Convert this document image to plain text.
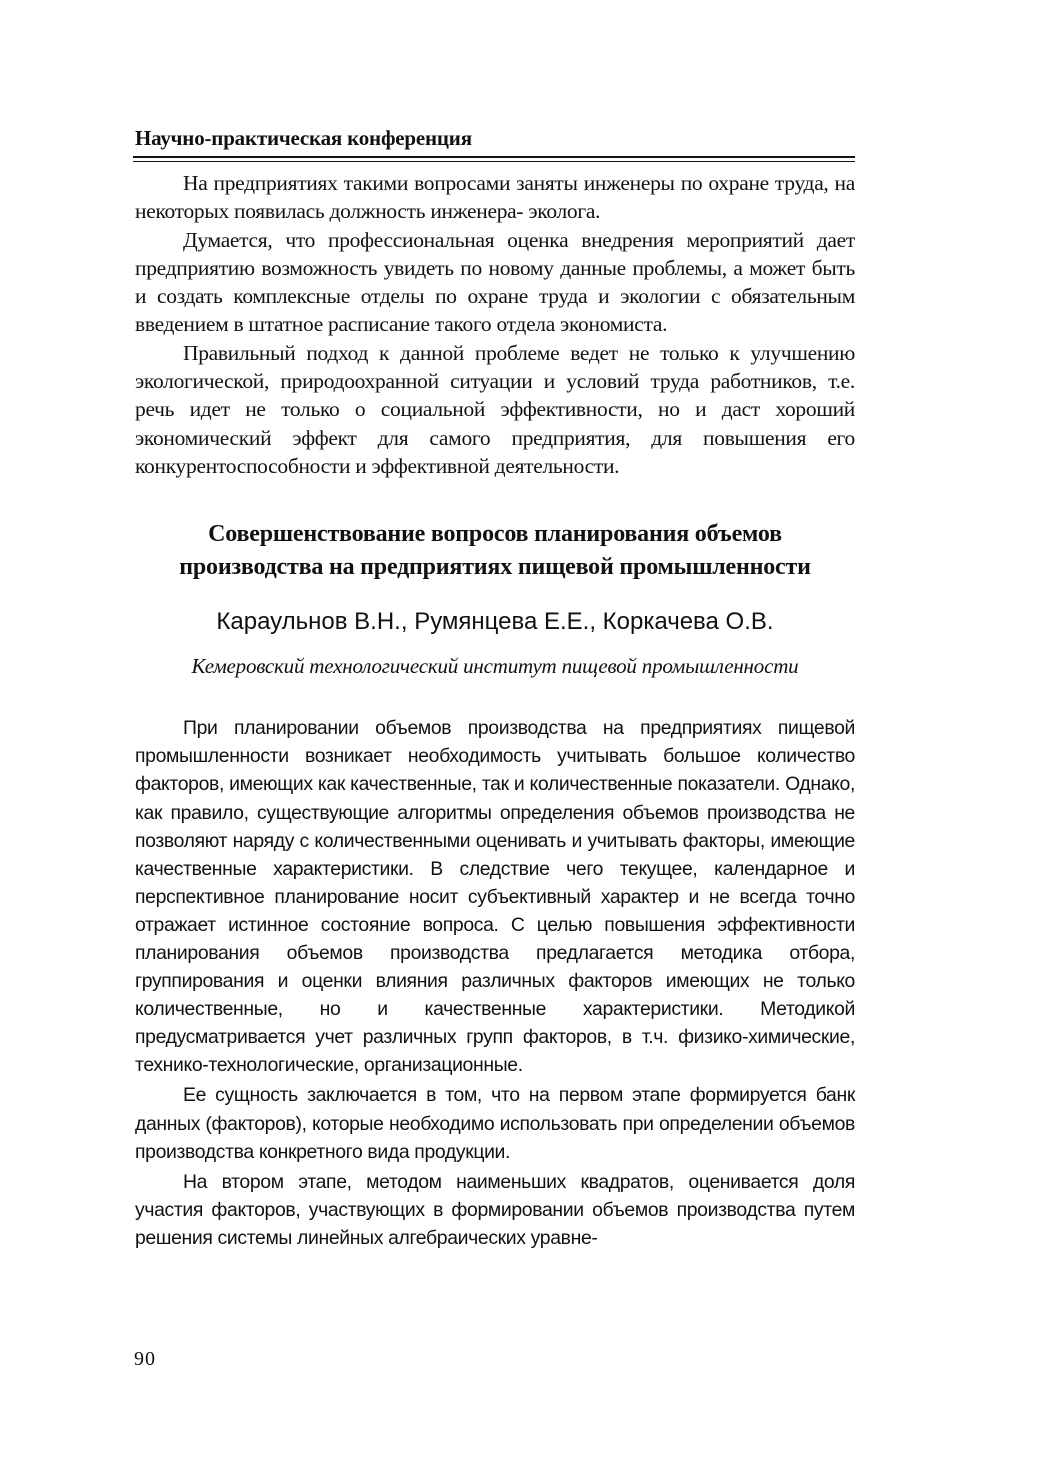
Научно-практическая конференция

На предприятиях такими вопросами заняты инженеры по охране труда, на некоторых появилась должность инженера- эколога.

Думается, что профессиональная оценка внедрения мероприятий дает предприятию возможность увидеть по новому данные проблемы, а может быть и создать комплексные отделы по охране труда и экологии с обязательным введением в штатное расписание такого отдела экономиста.

Правильный подход к данной проблеме ведет не только к улучшению экологической, природоохранной ситуации и условий труда работников, т.е. речь идет не только о социальной эффективности, но и даст хороший экономический эффект для самого предприятия, для повышения его конкурентоспособности и эффективной деятельности.

Совершенствование вопросов планирования объемов

производства на предприятиях пищевой промышленности

Караульнов В.Н., Румянцева Е.Е., Коркачева О.В.

Кемеровский технологический институт пищевой промышленности

При планировании объемов производства на предприятиях пищевой промышленности возникает необходимость учитывать большое количество факторов, имеющих как качественные, так и количественные показатели. Однако, как правило, существующие алгоритмы определения объемов производства не позволяют наряду с количественными оценивать и учитывать факторы, имеющие качественные характеристики. В следствие чего текущее, календарное и перспективное планирование носит субъективный характер и не всегда точно отражает истинное состояние вопроса. С целью повышения эффективности планирования объемов производства предлагается методика отбора, группирования и оценки влияния различных факторов имеющих не только количественные, но и качественные характеристики. Методикой предусматривается учет различных групп факторов, в т.ч. физико-химические, технико-технологические, организационные.

Ее сущность заключается в том, что на первом этапе формируется банк данных (факторов), которые необходимо использовать при определении объемов производства конкретного вида продукции.

На втором этапе, методом наименьших квадратов, оценивается доля участия факторов, участвующих в формировании объемов производства путем решения системы линейных алгебраических уравне-

90
